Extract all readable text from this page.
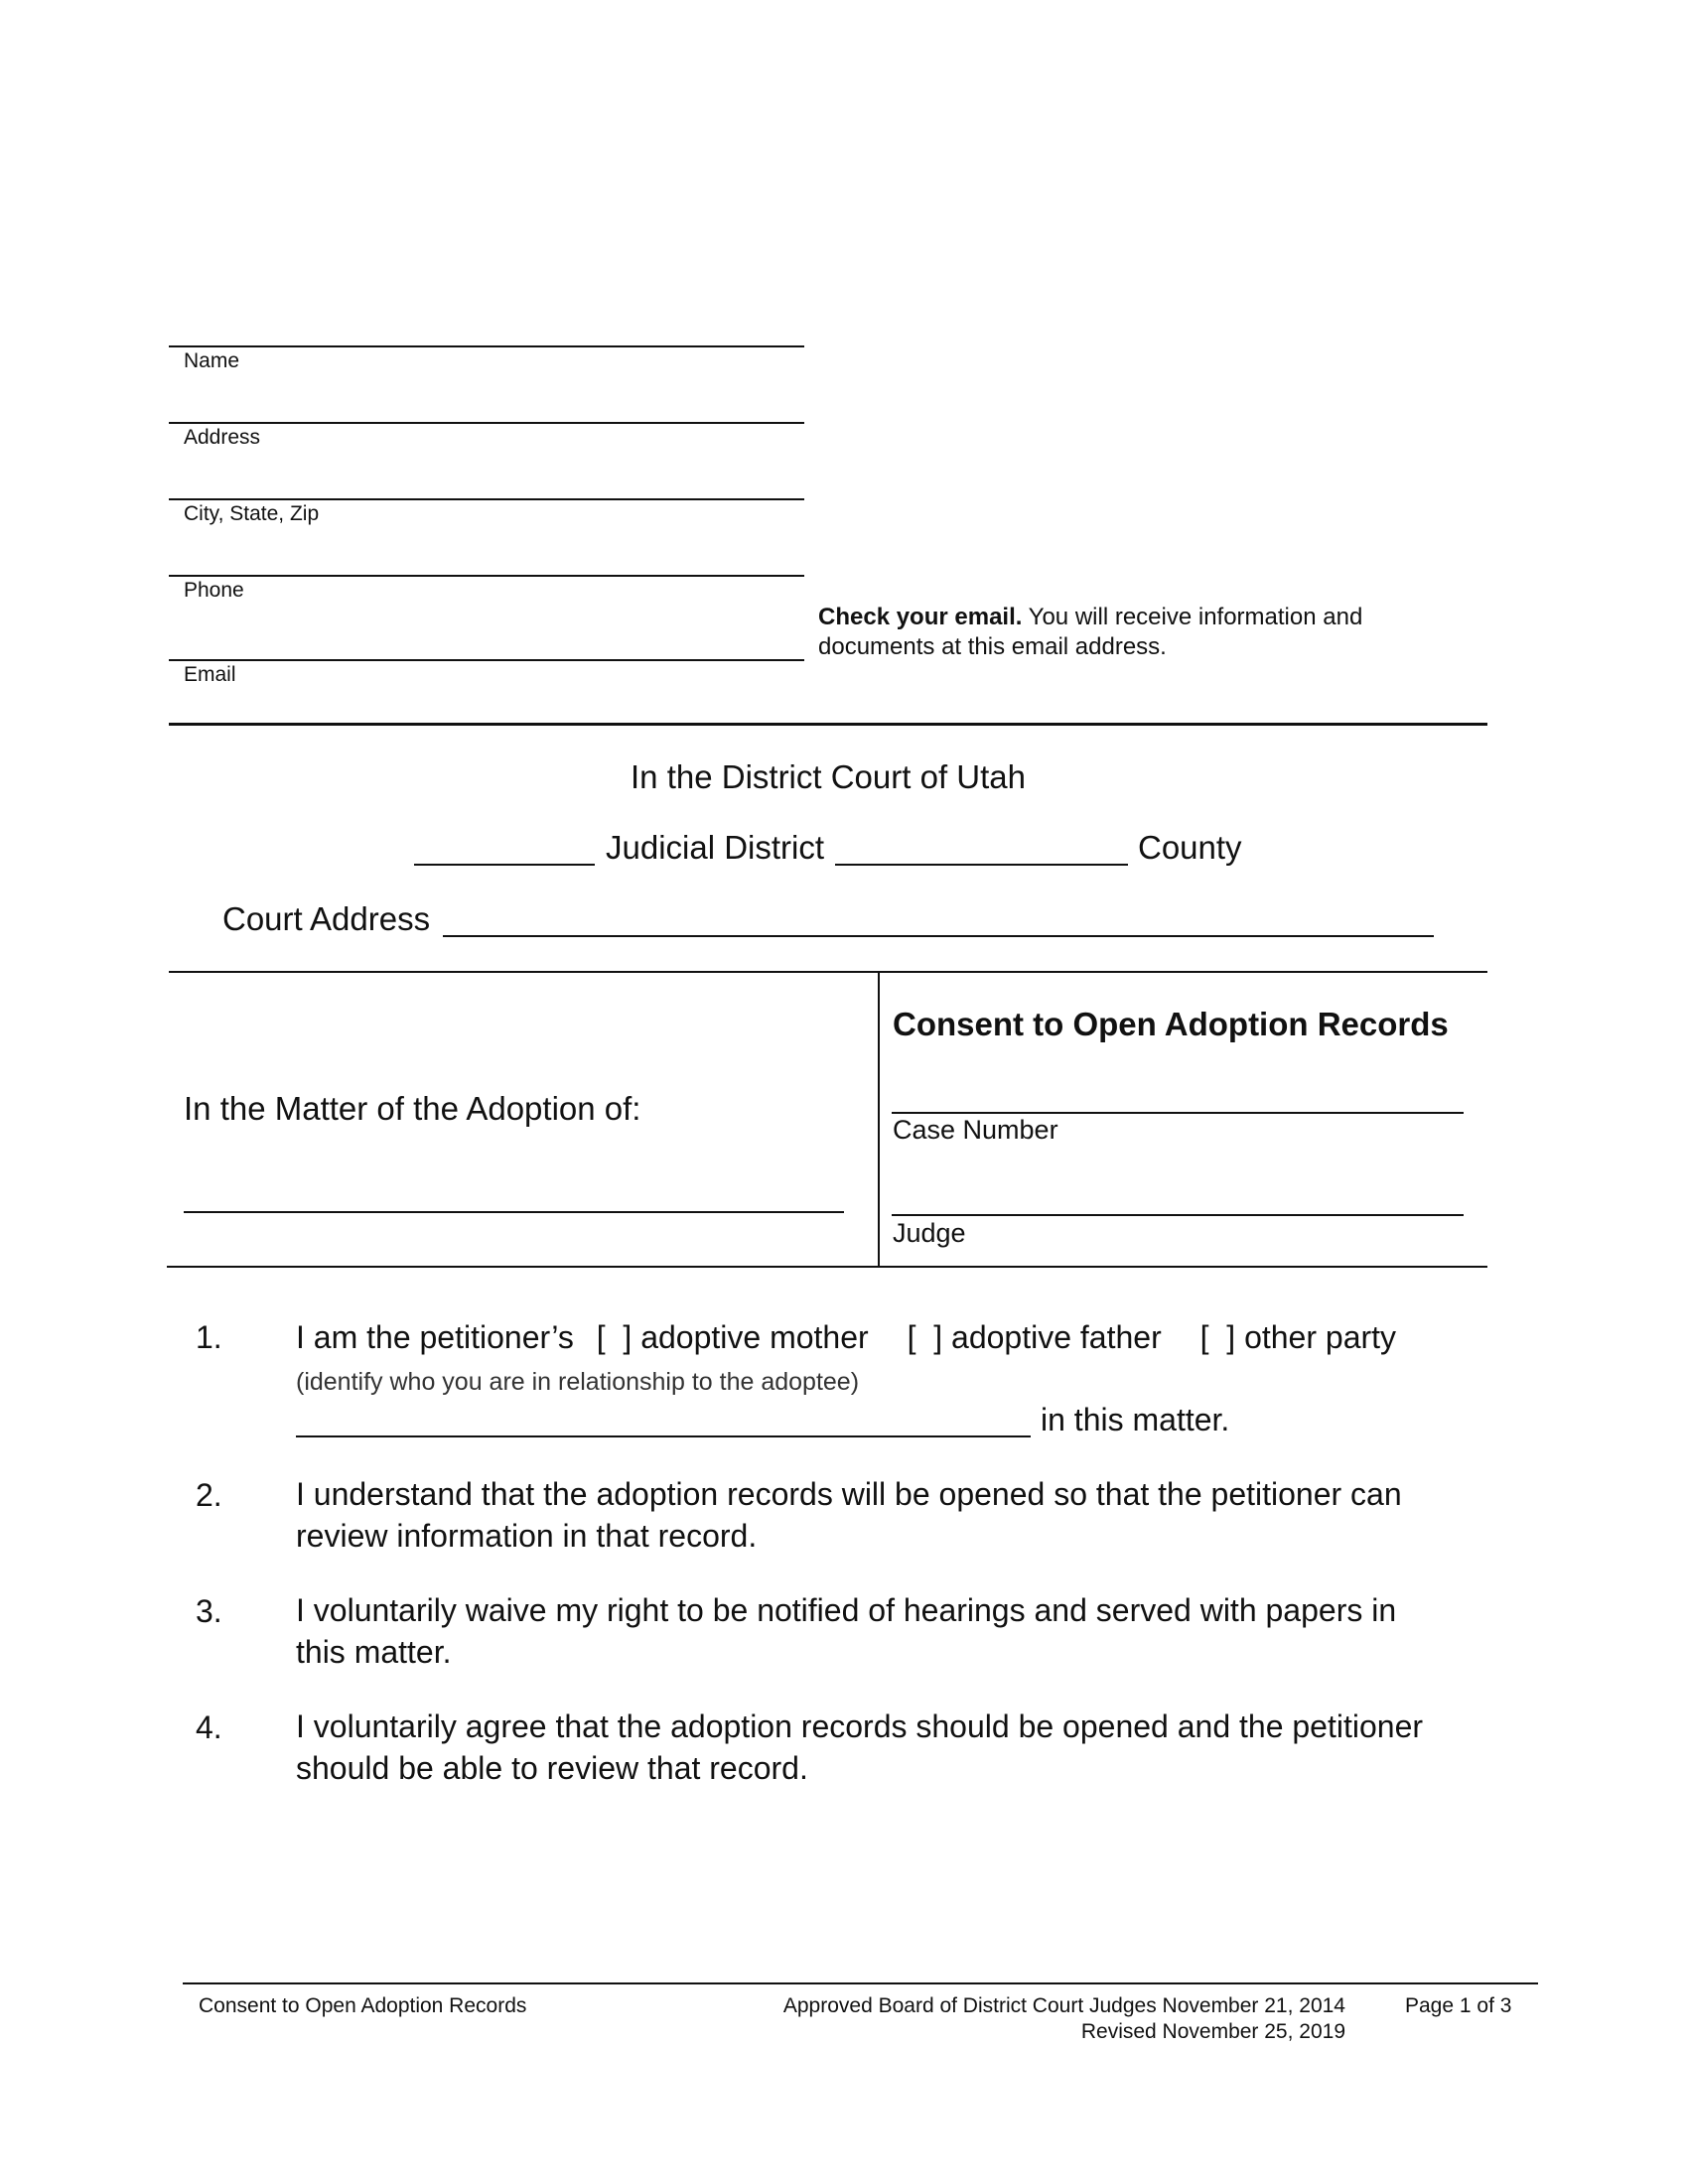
Name
Address
City, State, Zip
Phone
Email
Check your email. You will receive information and
documents at this email address.
In the District Court of Utah
Judicial District	County
Court Address
In the Matter of the Adoption of:
Consent to Open Adoption Records
Case Number
Judge
1. I am the petitioner’s [  ] adoptive mother [  ] adoptive father [  ] other party
(identify who you are in relationship to the adoptee)
in this matter.
2. I understand that the adoption records will be opened so that the petitioner can
review information in that record.
3. I voluntarily waive my right to be notified of hearings and served with papers in
this matter.
4. I voluntarily agree that the adoption records should be opened and the petitioner
should be able to review that record.
Consent to Open Adoption Records	Approved Board of District Court Judges November 21, 2014
Revised November 25, 2019
Page 1 of 3
